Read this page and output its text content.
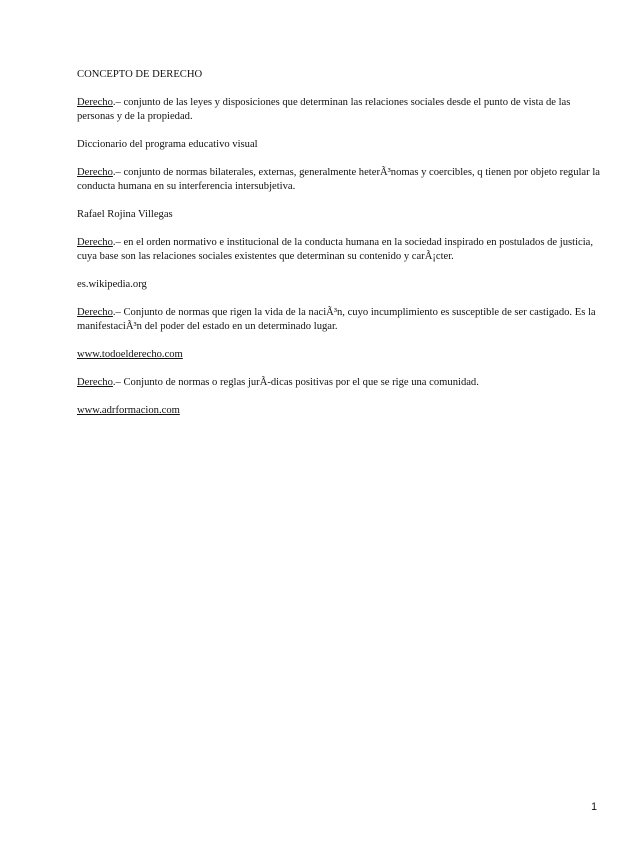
CONCEPTO DE DERECHO
Derecho.– conjunto de las leyes y disposiciones que determinan las relaciones sociales desde el punto de vista de las personas y de la propiedad.
Diccionario del programa educativo visual
Derecho.– conjunto de normas bilaterales, externas, generalmente heterÃ³nomas y coercibles, q tienen por objeto regular la conducta humana en su interferencia intersubjetiva.
Rafael Rojina Villegas
Derecho.– en el orden normativo e institucional de la conducta humana en la sociedad inspirado en postulados de justicia, cuya base son las relaciones sociales existentes que determinan su contenido y carÃ¡cter.
es.wikipedia.org
Derecho.– Conjunto de normas que rigen la vida de la naciÃ³n, cuyo incumplimiento es susceptible de ser castigado. Es la manifestaciÃ³n del poder del estado en un determinado lugar.
www.todoelderecho.com
Derecho.– Conjunto de normas o reglas jurÃ-dicas positivas por el que se rige una comunidad.
www.adrformacion.com
1
